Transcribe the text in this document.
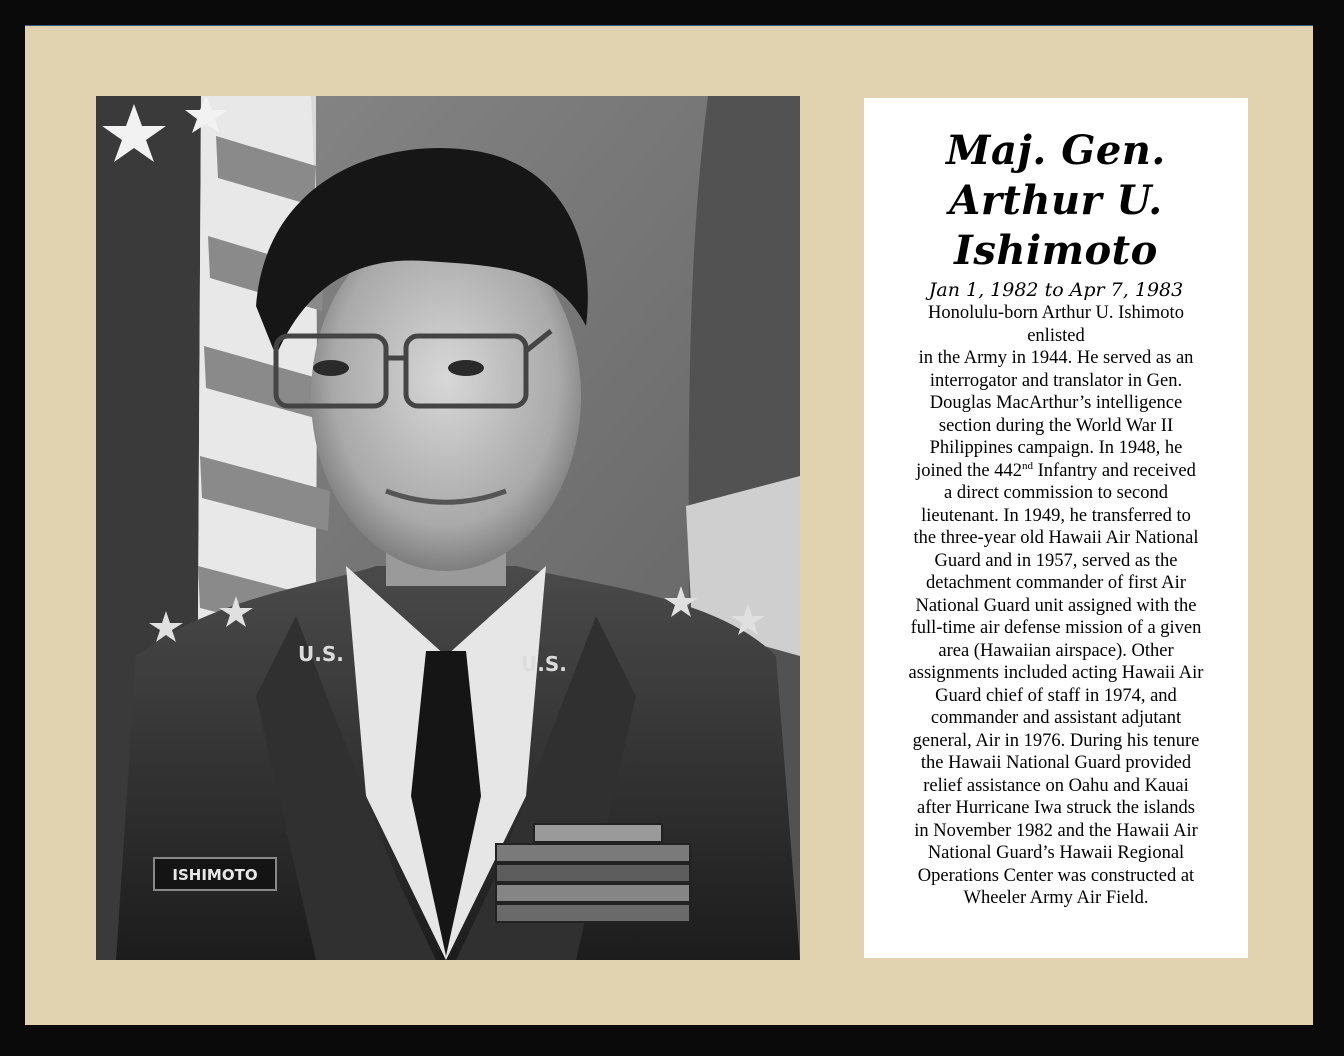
U.S.	U.S.
ISHIMOTO
Maj. Gen.
Arthur U.
Ishimoto
Jan 1, 1982 to Apr 7, 1983
Honolulu-born Arthur U. Ishimoto
enlisted
in the Army in 1944. He served as an
interrogator and translator in Gen.
Douglas MacArthur’s intelligence
section during the World War II
Philippines campaign. In 1948, he
joined the 442nd Infantry and received
a direct commission to second
lieutenant. In 1949, he transferred to
the three-year old Hawaii Air National
Guard and in 1957, served as the
detachment commander of first Air
National Guard unit assigned with the
full-time air defense mission of a given
area (Hawaiian airspace). Other
assignments included acting Hawaii Air
Guard chief of staff in 1974, and
commander and assistant adjutant
general, Air in 1976. During his tenure
the Hawaii National Guard provided
relief assistance on Oahu and Kauai
after Hurricane Iwa struck the islands
in November 1982 and the Hawaii Air
National Guard’s Hawaii Regional
Operations Center was constructed at
Wheeler Army Air Field.
